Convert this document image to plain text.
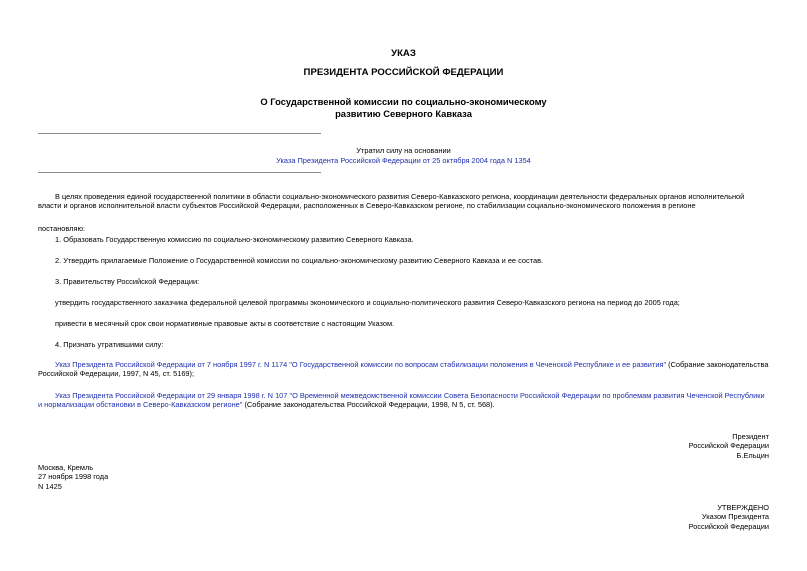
УКАЗ
ПРЕЗИДЕНТА РОССИЙСКОЙ ФЕДЕРАЦИИ
О Государственной комиссии по социально-экономическому
развитию Северного Кавказа
Утратил силу на основании
Указа Президента Российской Федерации от 25 октября 2004 года N 1354

В целях проведения единой государственной политики в области социально-экономического развития Северо-Кавказского региона, координации деятельности федеральных органов исполнительной власти и органов исполнительной власти субъектов Российской Федерации, расположенных в Северо-Кавказском регионе, по стабилизации социально-экономического положения в регионе

постановляю:

1. Образовать Государственную комиссию по социально-экономическому развитию Северного Кавказа.

2. Утвердить прилагаемые Положение о Государственной комиссии по социально-экономическому развитию Северного Кавказа и ее состав.

3. Правительству Российской Федерации:

утвердить государственного заказчика федеральной целевой программы экономического и социально-политического развития Северо-Кавказского региона на период до 2005 года;

привести в месячный срок свои нормативные правовые акты в соответствие с настоящим Указом.

4. Признать утратившими силу:

Указ Президента Российской Федерации от 7 ноября 1997 г. N 1174 "О Государственной комиссии по вопросам стабилизации положения в Чеченской Республике и ее развития" (Собрание законодательства Российской Федерации, 1997, N 45, ст. 5169);

Указ Президента Российской Федерации от 29 января 1998 г. N 107 "О Временной межведомственной комиссии Совета Безопасности Российской Федерации по проблемам развития Чеченской Республики и нормализации обстановки в Северо-Кавказском регионе" (Собрание законодательства Российской Федерации, 1998, N 5, ст. 568).

Президент
Российской Федерации
Б.Ельцин
Москва, Кремль
27 ноября 1998 года
N 1425
УТВЕРЖДЕНО
Указом Президента
Российской Федерации
